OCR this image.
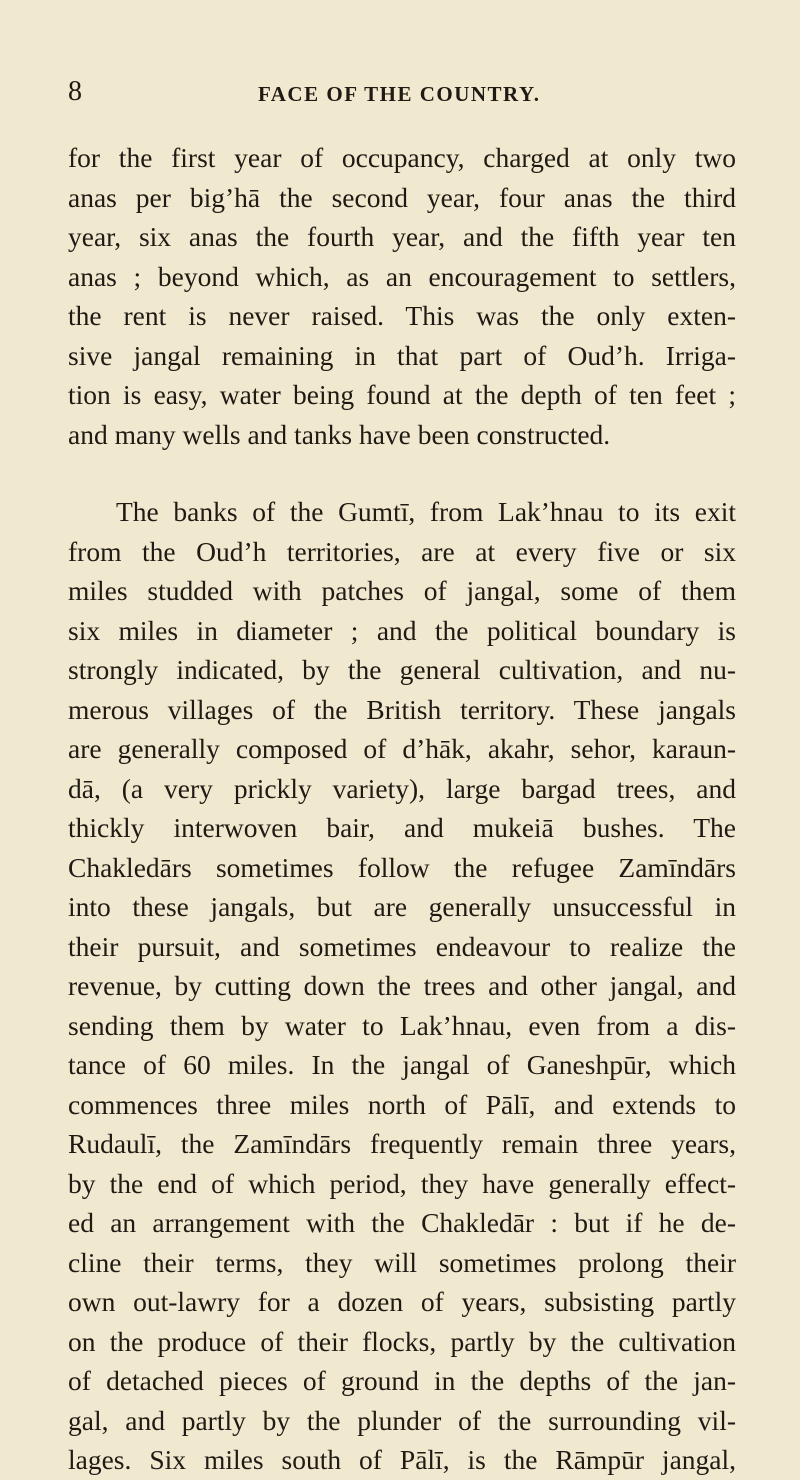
8	FACE OF THE COUNTRY.
for the first year of occupancy, charged at only two
anas per big’hā the second year, four anas the third
year, six anas the fourth year, and the fifth year ten
anas ; beyond which, as an encouragement to settlers,
the rent is never raised. This was the only exten-
sive jangal remaining in that part of Oud’h. Irriga-
tion is easy, water being found at the depth of ten feet ;
and many wells and tanks have been constructed.
The banks of the Gumtī, from Lak’hnau to its exit
from the Oud’h territories, are at every five or six
miles studded with patches of jangal, some of them
six miles in diameter ; and the political boundary is
strongly indicated, by the general cultivation, and nu-
merous villages of the British territory. These jangals
are generally composed of d’hāk, akahr, sehor, karaun-
dā, (a very prickly variety), large bargad trees, and
thickly interwoven bair, and mukeiā bushes. The
Chakledārs sometimes follow the refugee Zamīndārs
into these jangals, but are generally unsuccessful in
their pursuit, and sometimes endeavour to realize the
revenue, by cutting down the trees and other jangal, and
sending them by water to Lak’hnau, even from a dis-
tance of 60 miles. In the jangal of Ganeshpūr, which
commences three miles north of Pālī, and extends to
Rudaulī, the Zamīndārs frequently remain three years,
by the end of which period, they have generally effect-
ed an arrangement with the Chakledār : but if he de-
cline their terms, they will sometimes prolong their
own out-lawry for a dozen of years, subsisting partly
on the produce of their flocks, partly by the cultivation
of detached pieces of ground in the depths of the jan-
gal, and partly by the plunder of the surrounding vil-
lages. Six miles south of Pālī, is the Rāmpūr jangal,
